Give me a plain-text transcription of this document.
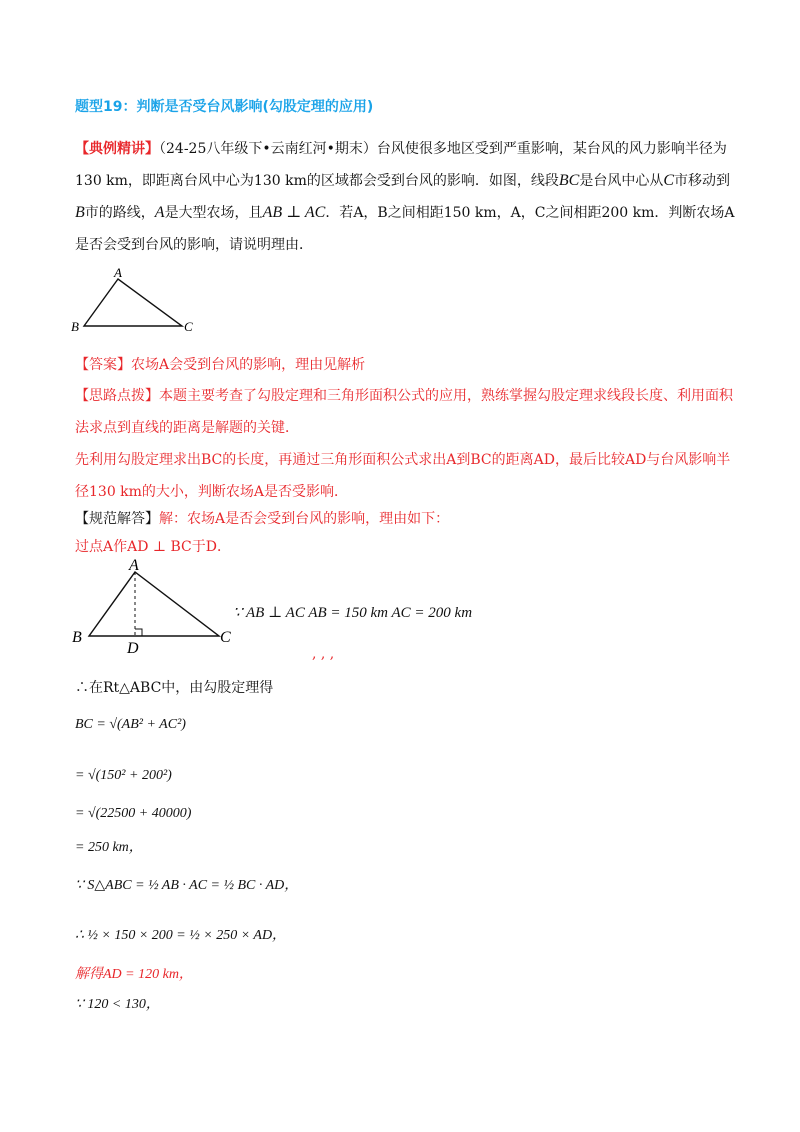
题型19：判断是否受台风影响(勾股定理的应用)
【典例精讲】（24-25八年级下•云南红河•期末）台风使很多地区受到严重影响，某台风的风力影响半径为130 km，即距离台风中心为130 km的区域都会受到台风的影响．如图，线段BC是台风中心从C市移动到B市的路线，A是大型农场，且AB ⊥ AC．若A，B之间相距150 km，A，C之间相距200 km．判断农场A是否会受到台风的影响，请说明理由．
A
B	C
【答案】农场A会受到台风的影响，理由见解析
【思路点拨】本题主要考查了勾股定理和三角形面积公式的应用，熟练掌握勾股定理求线段长度、利用面积法求点到直线的距离是解题的关键．
先利用勾股定理求出BC的长度，再通过三角形面积公式求出A到BC的距离AD，最后比较AD与台风影响半径130 km的大小，判断农场A是否受影响．
【规范解答】解：农场A是否会受到台风的影响，理由如下：
过点A作AD ⊥ BC于D．
A
B	C
D
∵ AB ⊥ AC AB = 150 km AC = 200 km
, , ,
∴在Rt△ABC中，由勾股定理得
BC = √(AB² + AC²)
= √(150² + 200²)
= √(22500 + 40000)
= 250 km，
∵ S△ABC = ½ AB · AC = ½ BC · AD，
∴ ½ × 150 × 200 = ½ × 250 × AD，
解得AD = 120 km，
∵ 120 < 130，
